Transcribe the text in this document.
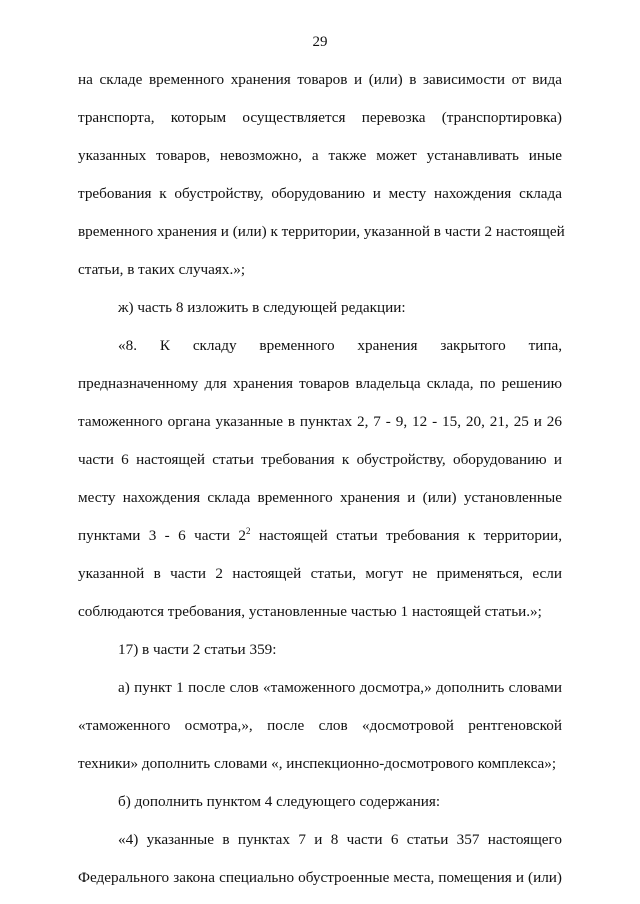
29
на складе временного хранения товаров и (или) в зависимости от вида
транспорта, которым осуществляется перевозка (транспортировка)
указанных товаров, невозможно, а также может устанавливать иные
требования к обустройству, оборудованию и месту нахождения склада
временного хранения и (или) к территории, указанной в части 2 настоящей
статьи, в таких случаях.»;
ж) часть 8 изложить в следующей редакции:
«8. К складу временного хранения закрытого типа,
предназначенному для хранения товаров владельца склада, по решению
таможенного органа указанные в пунктах 2, 7 - 9, 12 - 15, 20, 21, 25 и 26
части 6 настоящей статьи требования к обустройству, оборудованию и
месту нахождения склада временного хранения и (или) установленные
пунктами 3 - 6 части $2^2$ настоящей статьи требования к территории,
указанной в части 2 настоящей статьи, могут не применяться, если
соблюдаются требования, установленные частью 1 настоящей статьи.»;
17) в части 2 статьи 359:
а) пункт 1 после слов «таможенного досмотра,» дополнить словами
«таможенного осмотра,», после слов «досмотровой рентгеновской
техники» дополнить словами «, инспекционно-досмотрового комплекса»;
б) дополнить пунктом 4 следующего содержания:
«4) указанные в пунктах 7 и 8 части 6 статьи 357 настоящего
Федерального закона специально обустроенные места, помещения и (или)
